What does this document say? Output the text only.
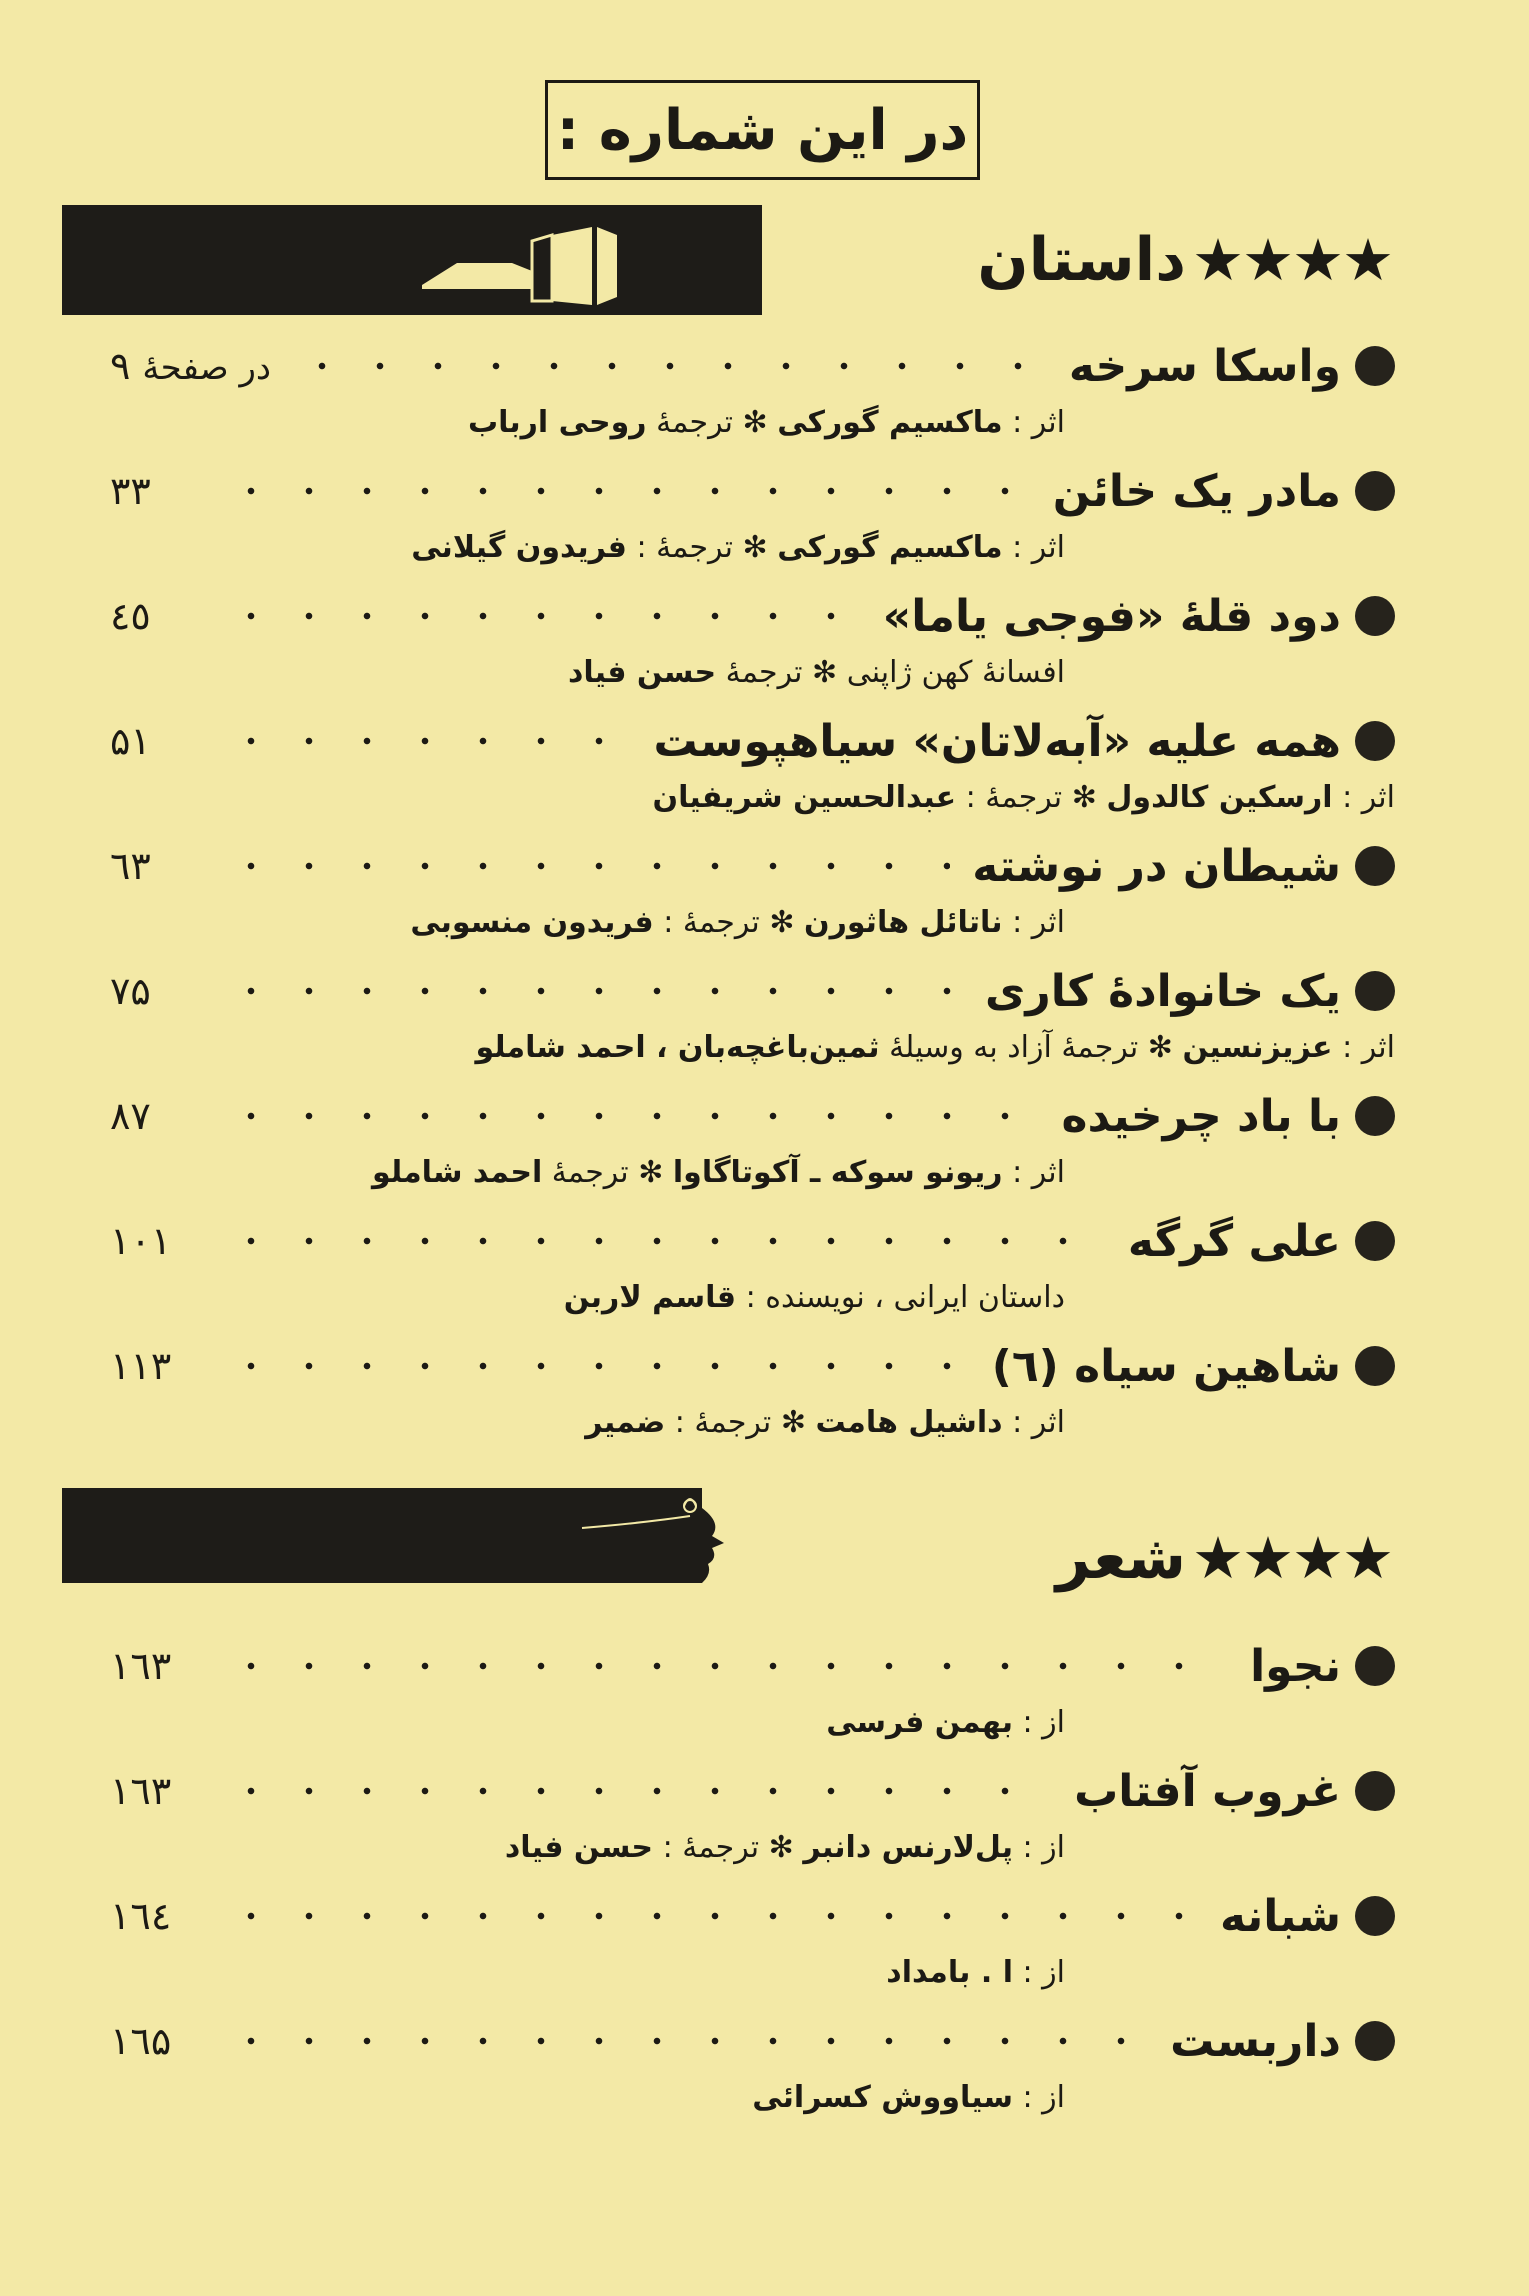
در این شماره :
★★★★
داستان
واسکا سرخه
در صفحهٔ۹
اثر : ماکسیم گورکی ✻ ترجمهٔ روحی ارباب
مادر یک خائن
۳۳
اثر : ماکسیم گورکی ✻ ترجمهٔ : فریدون گیلانی
دود قلهٔ «فوجی یاما»
٤٥
افسانهٔ کهن ژاپنی ✻ ترجمهٔ حسن فیاد
همه علیه «آبه‌لاتان» سیاهپوست
۵۱
اثر : ارسکین کالدول ✻ ترجمهٔ : عبدالحسین شریفیان
شیطان در نوشته
٦۳
اثر : ناتائل هاثورن ✻ ترجمهٔ : فریدون منسوبی
یک خانوادهٔ کاری
۷۵
اثر : عزیزنسین ✻ ترجمهٔ آزاد به وسیلهٔ ثمین‌باغچه‌بان ، احمد شاملو
با باد چرخیده
۸۷
اثر : ریونو سوکه ـ آکوتاگاوا ✻ ترجمهٔ احمد شاملو
علی گرگه
۱۰۱
داستان ایرانی ، نویسنده : قاسم لاربن
شاهین سیاه (٦)
۱۱۳
اثر : داشیل هامت ✻ ترجمهٔ : ضمیر
★★★★
شعر
نجوا
۱٦۳
از : بهمن فرسی
غروب آفتاب
۱٦۳
از : پل‌لارنس دانبر ✻ ترجمهٔ : حسن فیاد
شبانه
۱٦٤
از : ا . بامداد
داربست
۱٦۵
از : سیاووش کسرائی
